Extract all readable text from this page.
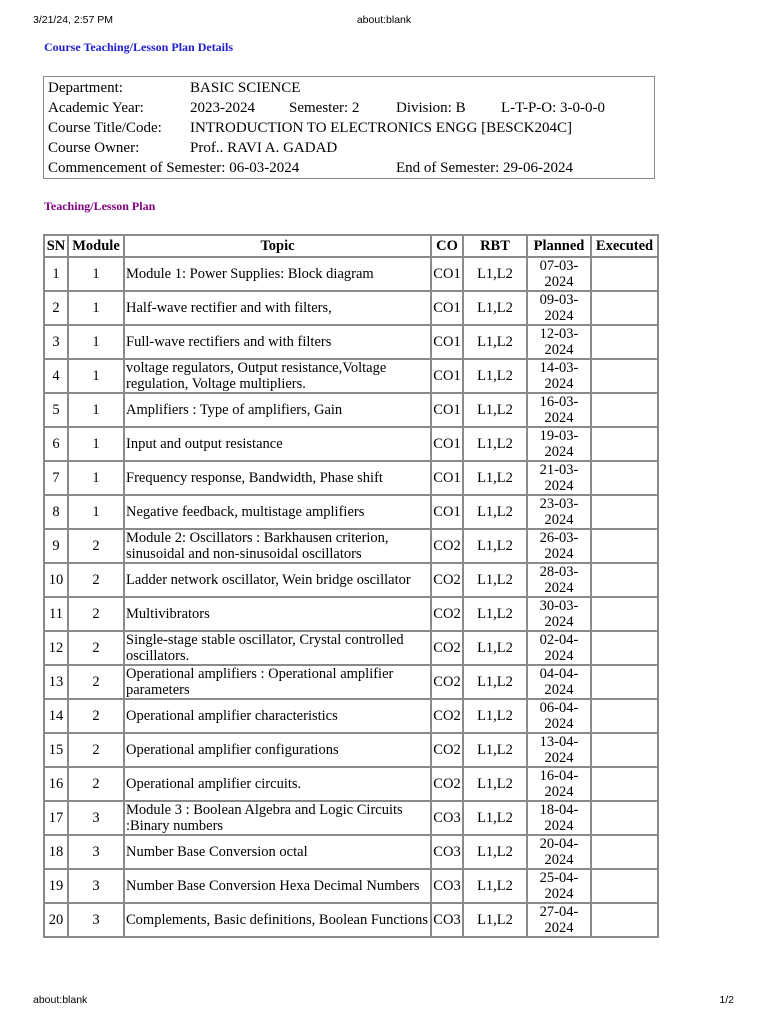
3/21/24, 2:57 PM	about:blank
Course Teaching/Lesson Plan Details
Department:	BASIC SCIENCE
Academic Year:	2023-2024 Semester: 2 Division: B L-T-P-O: 3-0-0-0
Course Title/Code: INTRODUCTION TO ELECTRONICS ENGG [BESCK204C]
Course Owner:	Prof.. RAVI A. GADAD
Commencement of Semester: 06-03-2024	End of Semester: 29-06-2024
Teaching/Lesson Plan
SN	Module	Topic	CO	RBT	Planned	Executed
1	1	Module 1: Power Supplies: Block diagram	CO1	L1,L2	07-03-2024	
2	1	Half-wave rectifier and with filters,	CO1	L1,L2	09-03-2024	
3	1	Full-wave rectifiers and with filters	CO1	L1,L2	12-03-2024	
4	1	voltage regulators, Output resistance,Voltage regulation, Voltage multipliers.	CO1	L1,L2	14-03-2024	
5	1	Amplifiers : Type of amplifiers, Gain	CO1	L1,L2	16-03-2024	
6	1	Input and output resistance	CO1	L1,L2	19-03-2024	
7	1	Frequency response, Bandwidth, Phase shift	CO1	L1,L2	21-03-2024	
8	1	Negative feedback, multistage amplifiers	CO1	L1,L2	23-03-2024	
9	2	Module 2: Oscillators : Barkhausen criterion, sinusoidal and non-sinusoidal oscillators	CO2	L1,L2	26-03-2024	
10	2	Ladder network oscillator, Wein bridge oscillator	CO2	L1,L2	28-03-2024	
11	2	Multivibrators	CO2	L1,L2	30-03-2024	
12	2	Single-stage stable oscillator, Crystal controlled oscillators.	CO2	L1,L2	02-04-2024	
13	2	Operational amplifiers : Operational amplifier parameters	CO2	L1,L2	04-04-2024	
14	2	Operational amplifier characteristics	CO2	L1,L2	06-04-2024	
15	2	Operational amplifier configurations	CO2	L1,L2	13-04-2024	
16	2	Operational amplifier circuits.	CO2	L1,L2	16-04-2024	
17	3	Module 3 : Boolean Algebra and Logic Circuits :Binary numbers	CO3	L1,L2	18-04-2024	
18	3	Number Base Conversion octal	CO3	L1,L2	20-04-2024	
19	3	Number Base Conversion Hexa Decimal Numbers	CO3	L1,L2	25-04-2024	
20	3	Complements, Basic definitions, Boolean Functions	CO3	L1,L2	27-04-2024	
about:blank	1/2
